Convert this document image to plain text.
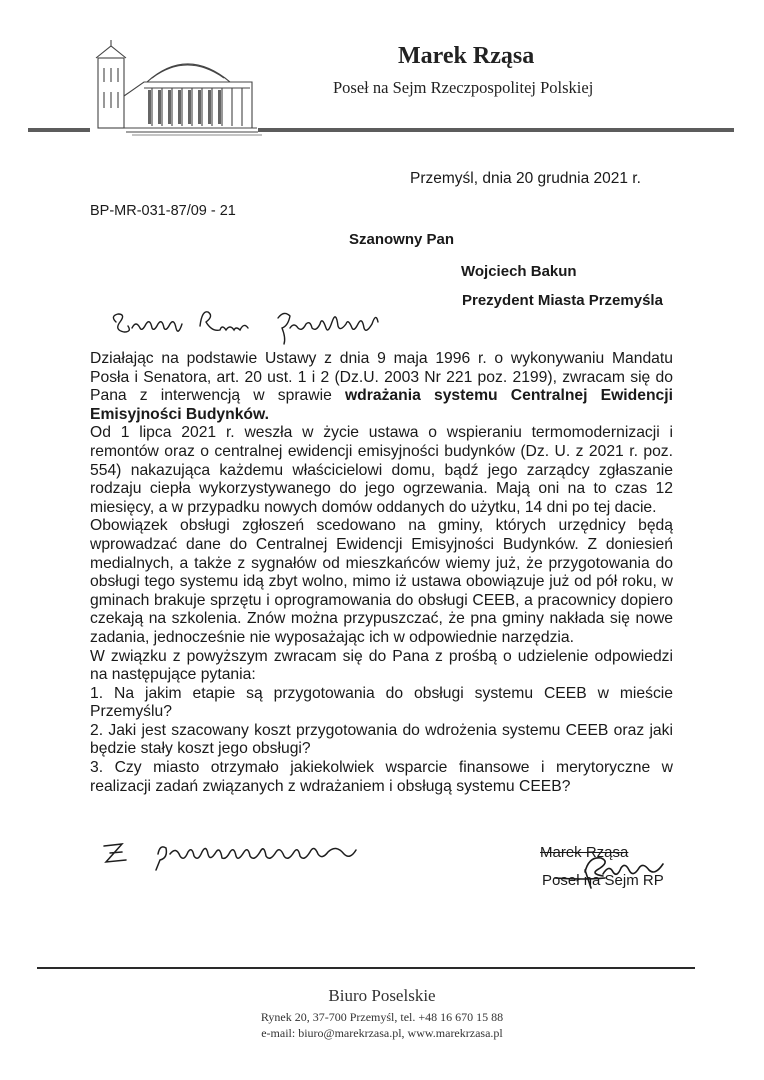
Marek Rząsa
Poseł na Sejm Rzeczpospolitej Polskiej
Przemyśl, dnia 20 grudnia 2021 r.
BP-MR-031-87/09 - 21
Szanowny Pan
Wojciech Bakun
Prezydent Miasta Przemyśla

Działając na podstawie Ustawy z dnia 9 maja 1996 r. o wykonywaniu Mandatu Posła i Senatora, art. 20 ust. 1 i 2 (Dz.U. 2003 Nr 221 poz. 2199), zwracam się do Pana z interwencją w sprawie wdrażania systemu Centralnej Ewidencji Emisyjności Budynków.

Od 1 lipca 2021 r. weszła w życie ustawa o wspieraniu termomodernizacji i remontów oraz o centralnej ewidencji emisyjności budynków (Dz. U. z 2021 r. poz. 554) nakazująca każdemu właścicielowi domu, bądź jego zarządcy zgłaszanie rodzaju ciepła wykorzystywanego do jego ogrzewania. Mają oni na to czas 12 miesięcy, a w przypadku nowych domów oddanych do użytku, 14 dni po tej dacie.

Obowiązek obsługi zgłoszeń scedowano na gminy, których urzędnicy będą wprowadzać dane do Centralnej Ewidencji Emisyjności Budynków. Z doniesień medialnych, a także z sygnałów od mieszkańców wiemy już, że przygotowania do obsługi tego systemu idą zbyt wolno, mimo iż ustawa obowiązuje już od pół roku, w gminach brakuje sprzętu i oprogramowania do obsługi CEEB, a pracownicy dopiero czekają na szkolenia. Znów można przypuszczać, że pna gminy nakłada się nowe zadania, jednocześnie nie wyposażając ich w odpowiednie narzędzia.

W związku z powyższym zwracam się do Pana z prośbą o udzielenie odpowiedzi na następujące pytania:

1. Na jakim etapie są przygotowania do obsługi systemu CEEB w mieście Przemyślu?

2. Jaki jest szacowany koszt przygotowania do wdrożenia systemu CEEB oraz jaki będzie stały koszt jego obsługi?

3. Czy miasto otrzymało jakiekolwiek wsparcie finansowe i merytoryczne w realizacji zadań związanych z wdrażaniem i obsługą systemu CEEB?

Marek Rząsa
Poseł na Sejm RP
Biuro Poselskie
Rynek 20, 37-700 Przemyśl, tel. +48 16 670 15 88
e-mail: biuro@marekrzasa.pl, www.marekrzasa.pl
